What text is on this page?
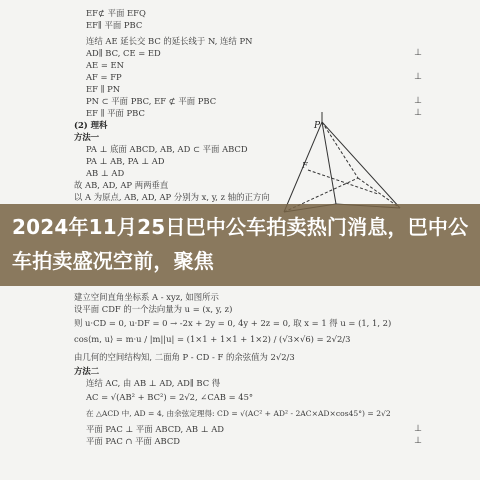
EF⊄ 平面 EFQ
EF∥ 平面 PBC
连结 AE 延长交 BC 的延长线于 N, 连结 PN
AD∥ BC, CE = ED
AE = EN
AF = FP
EF ∥ PN
PN ⊂ 平面 PBC, EF ⊄ 平面 PBC
EF ∥ 平面 PBC
(2) 理科
方法一
PA ⊥ 底面 ABCD, AB, AD ⊂ 平面 ABCD
PA ⊥ AB, PA ⊥ AD
AB ⊥ AD
故 AB, AD, AP 两两垂直
以 A 为原点, AB, AD, AP 分别为 x, y, z 轴的正方向
建立空间直角坐标系 A - xyz, 如图所示
设平面 CDF 的一个法向量为 u = (x, y, z)
则 u·CD = 0, u·DF = 0 → -2x + 2y = 0, 4y + 2z = 0, 取 x = 1 得 u = (1, 1, 2)
cos⟨m, u⟩ = m·u / |m||u| = (1×1 + 1×1 + 1×2) / (√3×√6) = 2√2/3
由几何的空间结构知, 二面角 P - CD - F 的余弦值为 2√2/3
方法二
连结 AC, 由 AB ⊥ AD, AD∥ BC 得
AC = √(AB² + BC²) = 2√2, ∠CAB = 45°
在 △ACD 中, AD = 4, 由余弦定理得: CD = √(AC² + AD² - 2AC×AD×cos45°) = 2√2
平面 PAC ⊥ 平面 ABCD, AB ⊥ AD
平面 PAC ∩ 平面 ABCD
⊥
⊥
⊥
⊥
⊥
⊥
P
F
2024年11月25日巴中公车拍卖热门消息，巴中公车拍卖盛况空前，聚焦
